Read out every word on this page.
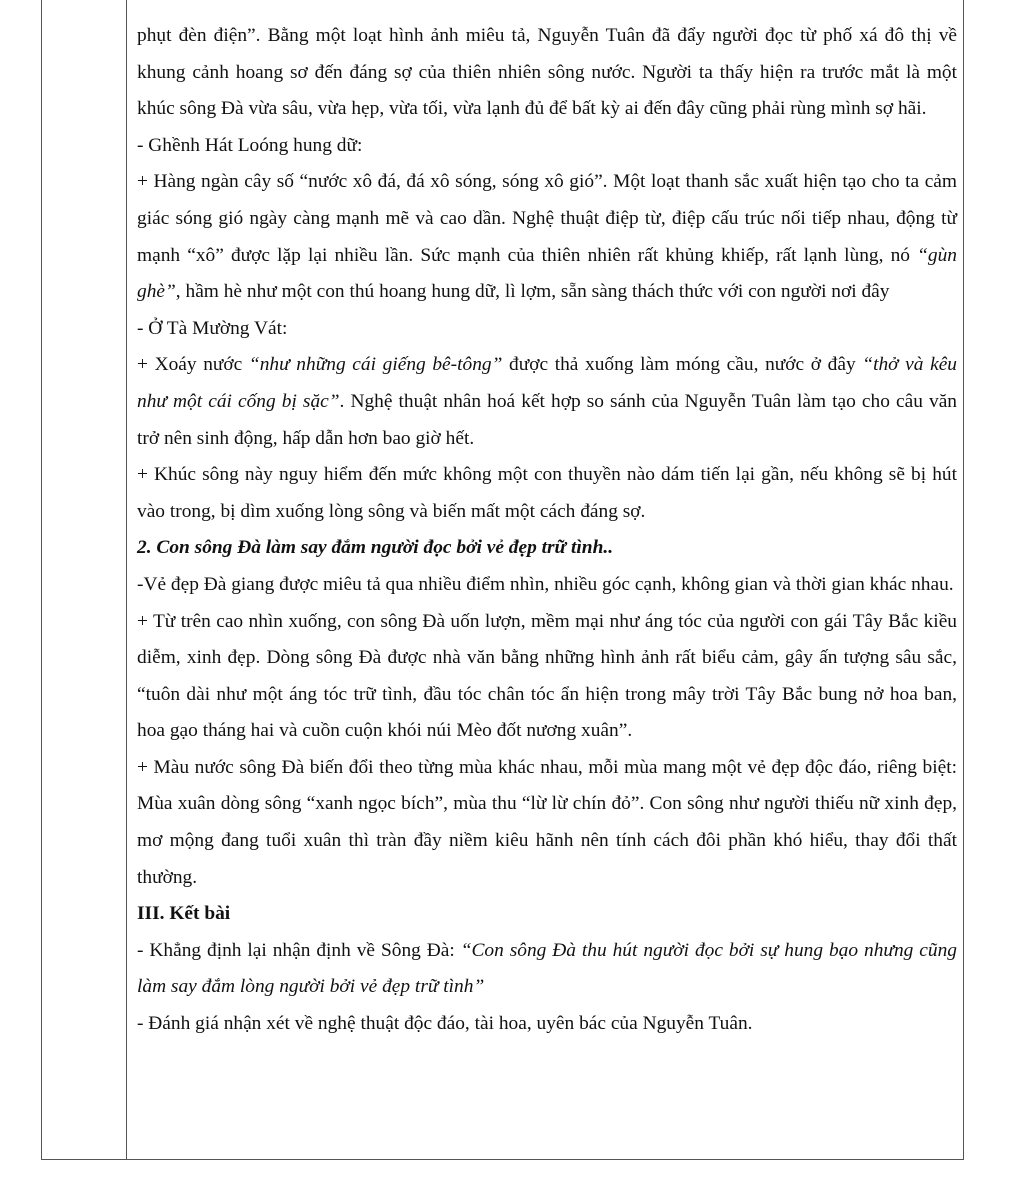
phụt đèn điện”. Bằng một loạt hình ảnh miêu tả, Nguyễn Tuân đã đẩy người đọc từ phố xá đô thị về khung cảnh hoang sơ đến đáng sợ của thiên nhiên sông nước. Người ta thấy hiện ra trước mắt là một khúc sông Đà vừa sâu, vừa hẹp, vừa tối, vừa lạnh đủ để bất kỳ ai đến đây cũng phải rùng mình sợ hãi.

- Ghềnh Hát Loóng hung dữ:

+ Hàng ngàn cây số “nước xô đá, đá xô sóng, sóng xô gió”. Một loạt thanh sắc xuất hiện tạo cho ta cảm giác sóng gió ngày càng mạnh mẽ và cao dần. Nghệ thuật điệp từ, điệp cấu trúc nối tiếp nhau, động từ mạnh “xô” được lặp lại nhiều lần. Sức mạnh của thiên nhiên rất khủng khiếp, rất lạnh lùng, nó “gùn ghè”, hầm hè như một con thú hoang hung dữ, lì lợm, sẵn sàng thách thức với con người nơi đây

- Ở Tà Mường Vát:

+ Xoáy nước “như những cái giếng bê-tông” được thả xuống làm móng cầu, nước ở đây “thở và kêu như một cái cống bị sặc”. Nghệ thuật nhân hoá kết hợp so sánh của Nguyễn Tuân làm tạo cho câu văn trở nên sinh động, hấp dẫn hơn bao giờ hết.

+ Khúc sông này nguy hiểm đến mức không một con thuyền nào dám tiến lại gần, nếu không sẽ bị hút vào trong, bị dìm xuống lòng sông và biến mất một cách đáng sợ.

2. Con sông Đà làm say đắm người đọc bởi vẻ đẹp trữ tình..

-Vẻ đẹp Đà giang được miêu tả qua nhiều điểm nhìn, nhiều góc cạnh, không gian và thời gian khác nhau.

+ Từ trên cao nhìn xuống, con sông Đà uốn lượn, mềm mại như áng tóc của người con gái Tây Bắc kiều diễm, xinh đẹp. Dòng sông Đà được nhà văn bằng những hình ảnh rất biểu cảm, gây ấn tượng sâu sắc, “tuôn dài như một áng tóc trữ tình, đầu tóc chân tóc ẩn hiện trong mây trời Tây Bắc bung nở hoa ban, hoa gạo tháng hai và cuồn cuộn khói núi Mèo đốt nương xuân”.

+ Màu nước sông Đà biến đổi theo từng mùa khác nhau, mỗi mùa mang một vẻ đẹp độc đáo, riêng biệt: Mùa xuân dòng sông “xanh ngọc bích”, mùa thu “lừ lừ chín đỏ”. Con sông như người thiếu nữ xinh đẹp, mơ mộng đang tuổi xuân thì tràn đầy niềm kiêu hãnh nên tính cách đôi phần khó hiểu, thay đổi thất thường.

III. Kết bài

- Khẳng định lại nhận định về Sông Đà: “Con sông Đà thu hút người đọc bởi sự hung bạo nhưng cũng làm say đắm lòng người bởi vẻ đẹp trữ tình”

- Đánh giá nhận xét về nghệ thuật độc đáo, tài hoa, uyên bác của Nguyễn Tuân.
